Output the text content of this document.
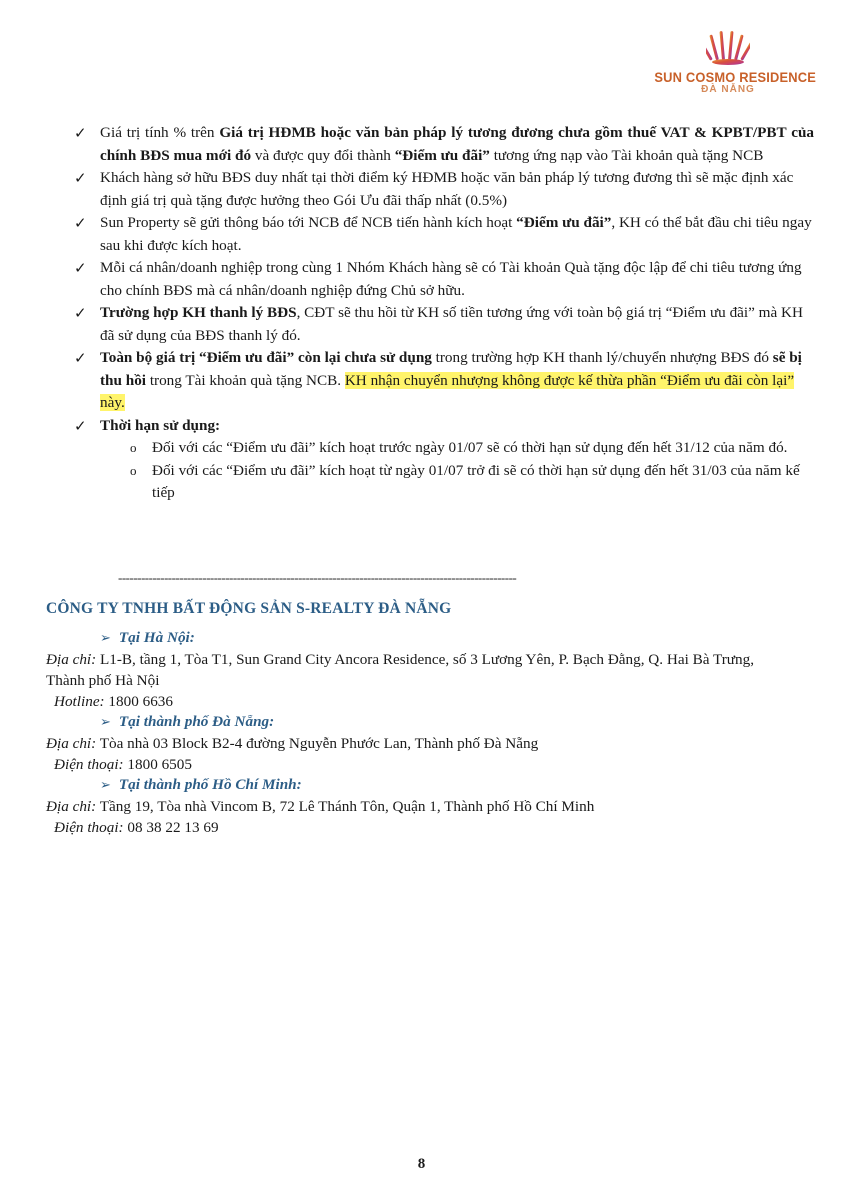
SUN COSMO RESIDENCE
ĐÀ NẴNG
✓ Giá trị tính % trên Giá trị HĐMB hoặc văn bản pháp lý tương đương chưa gồm thuế VAT & KPBT/PBT của chính BĐS mua mới đó và được quy đổi thành “Điểm ưu đãi” tương ứng nạp vào Tài khoản quà tặng NCB
✓ Khách hàng sở hữu BĐS duy nhất tại thời điểm ký HĐMB hoặc văn bản pháp lý tương đương thì sẽ mặc định xác định giá trị quà tặng được hưởng theo Gói Ưu đãi thấp nhất (0.5%)
✓ Sun Property sẽ gửi thông báo tới NCB để NCB tiến hành kích hoạt “Điểm ưu đãi”, KH có thể bắt đầu chi tiêu ngay sau khi được kích hoạt.
✓ Mỗi cá nhân/doanh nghiệp trong cùng 1 Nhóm Khách hàng sẽ có Tài khoản Quà tặng độc lập để chi tiêu tương ứng cho chính BĐS mà cá nhân/doanh nghiệp đứng Chủ sở hữu.
✓ Trường hợp KH thanh lý BĐS, CĐT sẽ thu hồi từ KH số tiền tương ứng với toàn bộ giá trị “Điểm ưu đãi” mà KH đã sử dụng của BĐS thanh lý đó.
✓ Toàn bộ giá trị “Điểm ưu đãi” còn lại chưa sử dụng trong trường hợp KH thanh lý/chuyển nhượng BĐS đó sẽ bị thu hồi trong Tài khoản quà tặng NCB. KH nhận chuyển nhượng không được kế thừa phần “Điểm ưu đãi còn lại” này.
✓ Thời hạn sử dụng:
o Đối với các “Điểm ưu đãi” kích hoạt trước ngày 01/07 sẽ có thời hạn sử dụng đến hết 31/12 của năm đó.
o Đối với các “Điểm ưu đãi” kích hoạt từ ngày 01/07 trở đi sẽ có thời hạn sử dụng đến hết 31/03 của năm kế tiếp
--------------------------------------------------------------------------------------------------------
CÔNG TY TNHH BẤT ĐỘNG SẢN S-REALTY ĐÀ NẴNG
➢ Tại Hà Nội:
Địa chỉ: L1-B, tầng 1, Tòa T1, Sun Grand City Ancora Residence, số 3 Lương Yên, P. Bạch Đằng, Q. Hai Bà Trưng, Thành phố Hà Nội
Hotline: 1800 6636
➢ Tại thành phố Đà Nẵng:
Địa chỉ: Tòa nhà 03 Block B2-4 đường Nguyễn Phước Lan, Thành phố Đà Nẵng

Điện thoại: 1800 6505
➢ Tại thành phố Hồ Chí Minh:
Địa chỉ: Tầng 19, Tòa nhà Vincom B, 72 Lê Thánh Tôn, Quận 1, Thành phố Hồ Chí Minh

Điện thoại: 08 38 22 13 69
8
